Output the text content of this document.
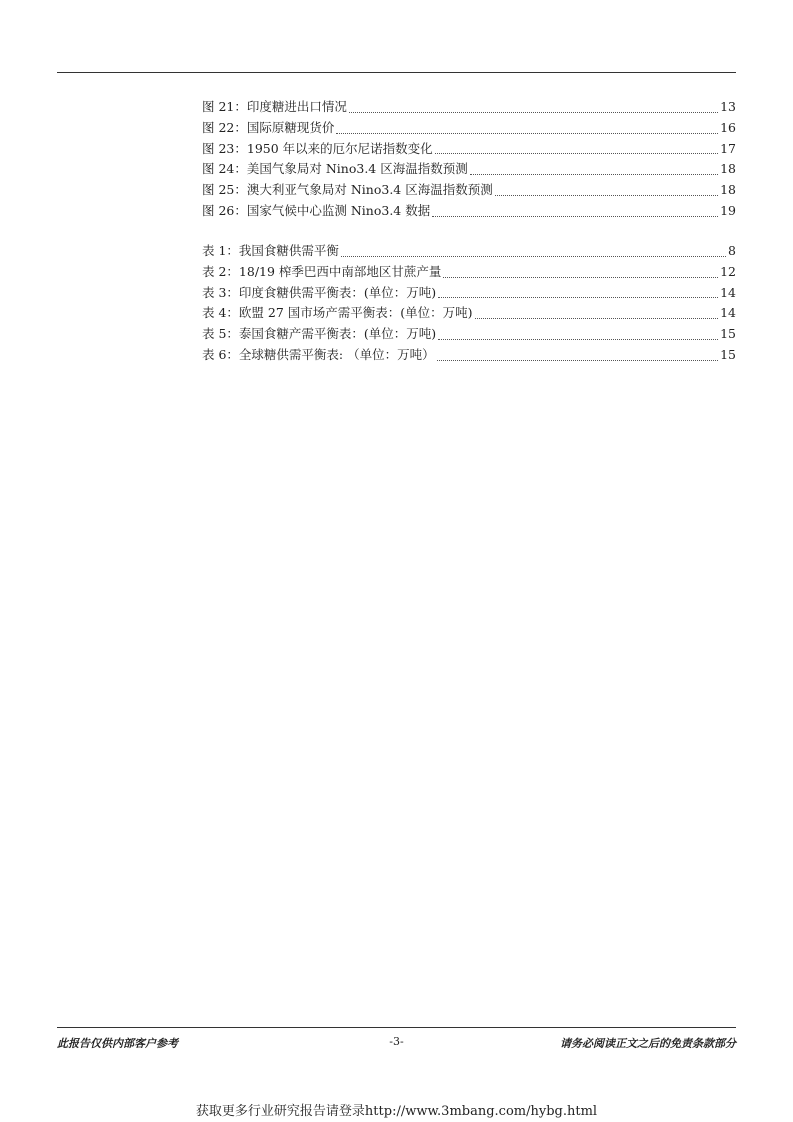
图 21：印度糖进出口情况	13
图 22：国际原糖现货价	16
图 23：1950 年以来的厄尔尼诺指数变化	17
图 24：美国气象局对 Nino3.4 区海温指数预测	18
图 25：澳大利亚气象局对 Nino3.4 区海温指数预测	18
图 26：国家气候中心监测 Nino3.4 数据	19
表 1：我国食糖供需平衡	8
表 2：18/19 榨季巴西中南部地区甘蔗产量	12
表 3：印度食糖供需平衡表：(单位：万吨)	14
表 4：欧盟 27 国市场产需平衡表：(单位：万吨)	14
表 5：泰国食糖产需平衡表：(单位：万吨)	15
表 6：全球糖供需平衡表: （单位：万吨）	15
此报告仅供内部客户参考	-3-	请务必阅读正文之后的免责条款部分
获取更多行业研究报告请登录http://www.3mbang.com/hybg.html
